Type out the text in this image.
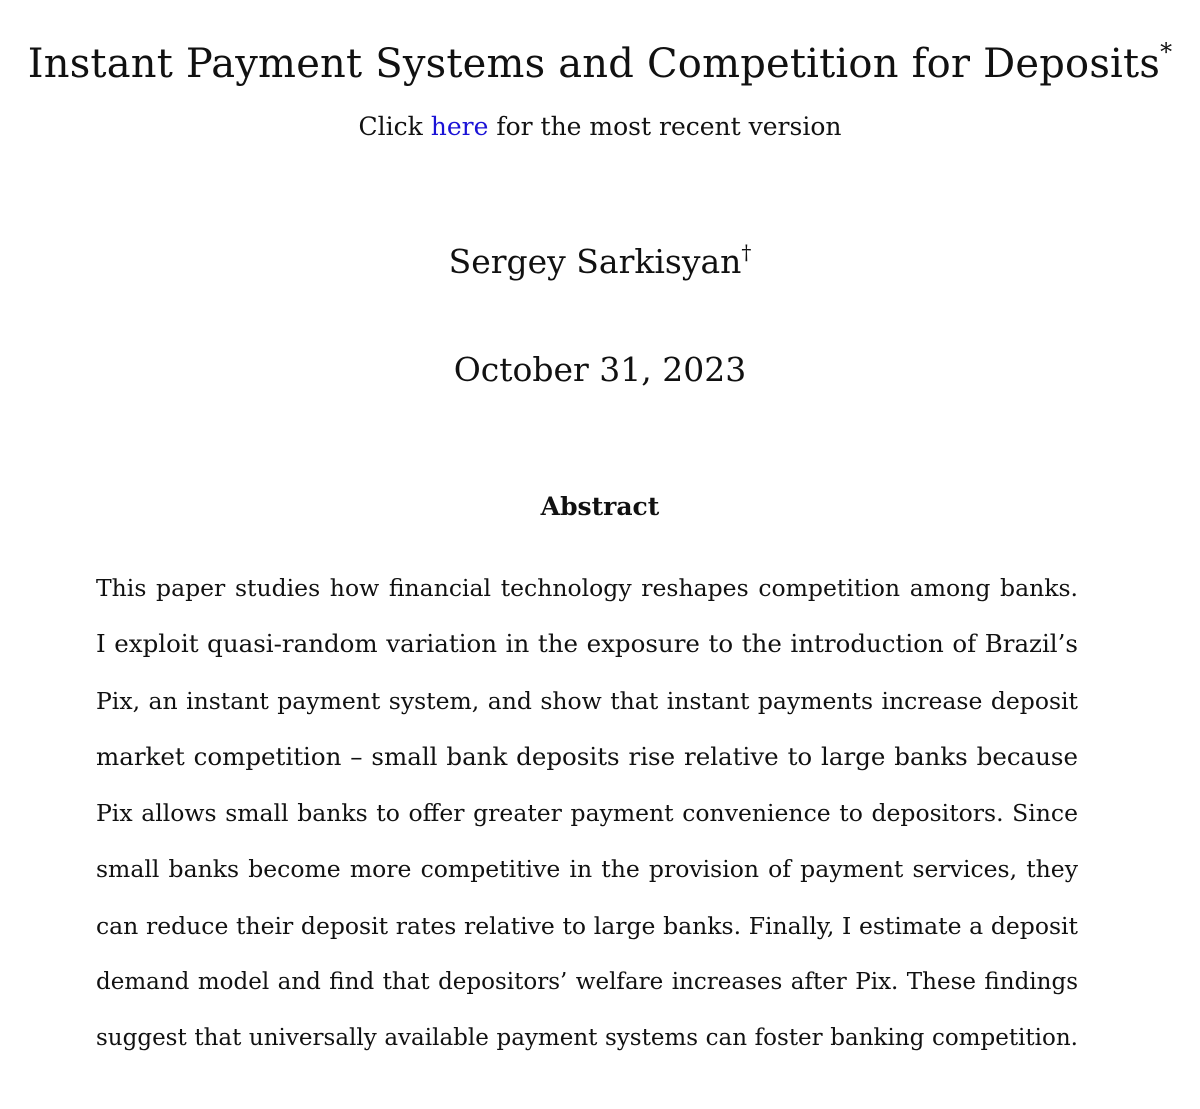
Instant Payment Systems and Competition for Deposits*
Click here for the most recent version
Sergey Sarkisyan†
October 31, 2023
Abstract
This paper studies how financial technology reshapes competition among banks.
I exploit quasi-random variation in the exposure to the introduction of Brazil’s
Pix, an instant payment system, and show that instant payments increase deposit
market competition – small bank deposits rise relative to large banks because
Pix allows small banks to offer greater payment convenience to depositors. Since
small banks become more competitive in the provision of payment services, they
can reduce their deposit rates relative to large banks. Finally, I estimate a deposit
demand model and find that depositors’ welfare increases after Pix. These findings
suggest that universally available payment systems can foster banking competition.
